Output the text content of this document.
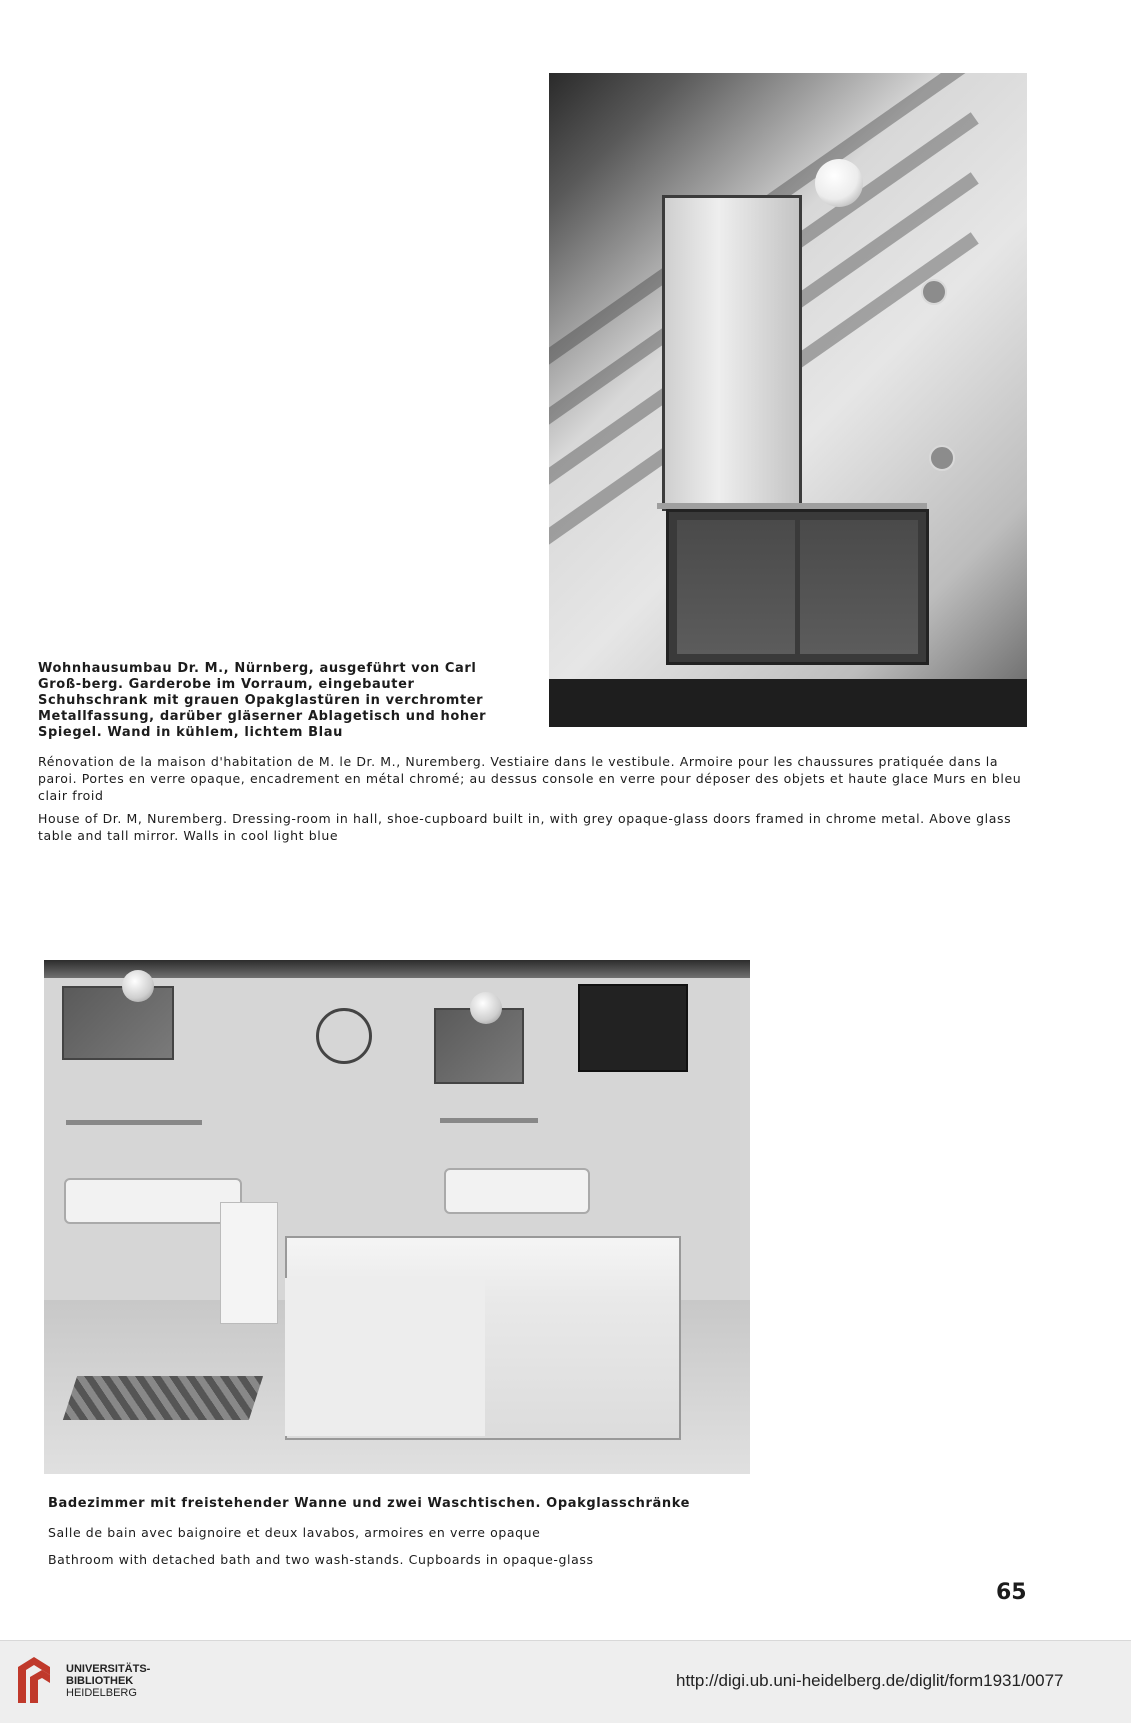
Wohnhausumbau Dr. M., Nürnberg, ausgeführt von Carl Groß-berg. Garderobe im Vorraum, eingebauter Schuhschrank mit grauen Opakglastüren in verchromter Metallfassung, darüber gläserner Ablagetisch und hoher Spiegel. Wand in kühlem, lichtem Blau

Rénovation de la maison d'habitation de M. le Dr. M., Nuremberg. Vestiaire dans le vestibule. Armoire pour les chaussures pratiquée dans la paroi. Portes en verre opaque, encadrement en métal chromé; au dessus console en verre pour déposer des objets et haute glace Murs en bleu clair froid

House of Dr. M, Nuremberg. Dressing-room in hall, shoe-cupboard built in, with grey opaque-glass doors framed in chrome metal. Above glass table and tall mirror. Walls in cool light blue

Badezimmer mit freistehender Wanne und zwei Waschtischen. Opakglasschränke

Salle de bain avec baignoire et deux lavabos, armoires en verre opaque

Bathroom with detached bath and two wash-stands. Cupboards in opaque-glass

65

UNIVERSITÄTS-
BIBLIOTHEK
HEIDELBERG

http://digi.ub.uni-heidelberg.de/diglit/form1931/0077
